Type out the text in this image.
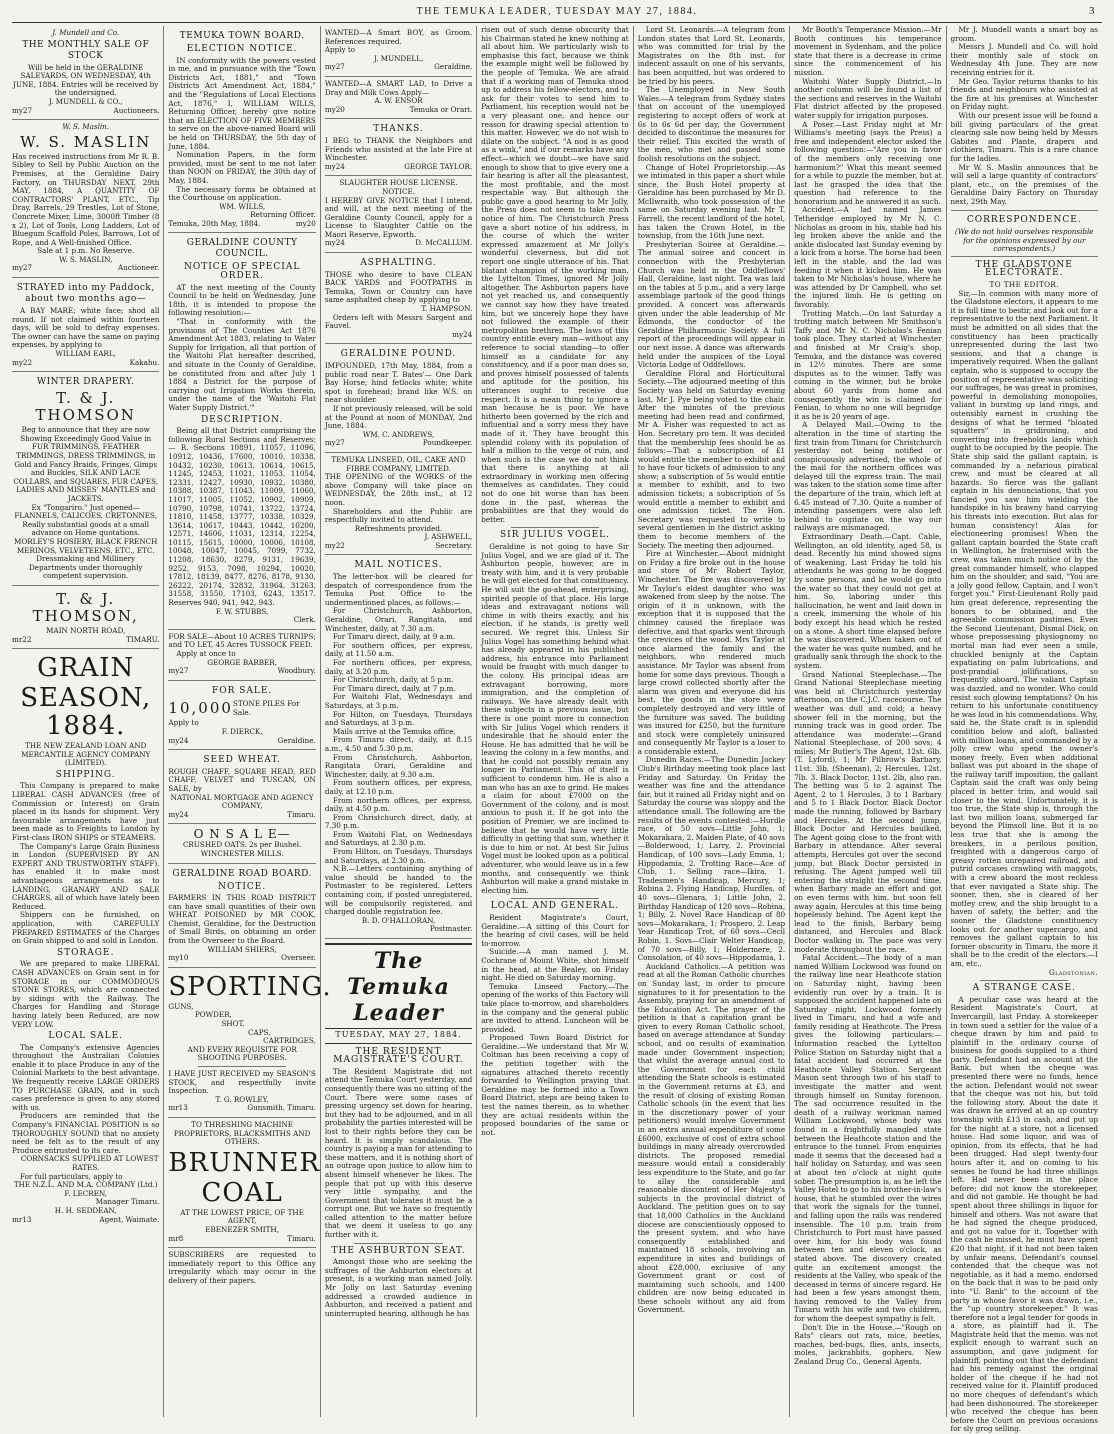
THE TEMUKA LEADER, TUESDAY MAY 27, 1884.	3
J. Mundell and Co.
THE MONTHLY SALE OF STOCK

Will be held in the GERALDINE SALEYARDS, ON WEDNESDAY, 4th JUNE, 1884. Entries will be received by the undersigned.

J. MUNDELL & CO.,
my27	Auctioneers.
W. S. Maslin.
W. S. MASLIN

Has received instructions from Mr R. B. Sibley to Sell by Public Auction on the Premises, at the Geraldine Dairy Factory, on THURSDAY NEXT, 29th MAY, 1884, A QUANTITY OF CONTRACTORS' PLANT, ETC., Tip Dray, Barrels, 29 Trestles, Lot of Stone, Concrete Mixer, Lime, 3000ft Timber (8 x 2), Lot of Tools, Long Ladders, Lot of Bluegum Scaffold Poles, Barrows, Lot of Rope, and A Well-finished Office.

Sale at 1 p.m. No Reserve.
W. S. MASLIN,
my27	Auctioneer.
STRAYED into my Paddock, about two months ago—

A BAY MARE; white face; shod all round. If not claimed within fourteen days, will be sold to defray expenses. The owner can have the same on paying expenses, by applying to

WILLIAM EARL,
my22	Kakahu.
WINTER DRAPERY.
T. & J. THOMSON

Beg to announce that they are now Showing Exceedingly Good Value in FUR TRIMMINGS, FEATHER TRIMMINGS, DRESS TRIMMINGS, in Gold and Fancy Braids, Fringes, Gimps and Buckles, SILK AND LACE COLLARS, and SQUARES, FUR CAPES, LADIES AND MISSES' MANTLES and JACKETS.

Ex "Tongariro." Just opened— FLANNELS, CALICOES, CRETONNES, Really substantial goods at a small advance on Home quotations. MORLEY'S HOSIERY, BLACK FRENCH MERINOS, VELVETEENS, ETC., ETC.

Dressmaking and Millinery Departments under thoroughly competent supervision.

T. & J. THOMSON,
MAIN NORTH ROAD,
mr22	TIMARU.
GRAIN
SEASON, 1884.

THE NEW ZEALAND LOAN AND MERCANTILE AGENCY COMPANY (LIMITED).

SHIPPING.

This Company is prepared to make LIBERAL CASH ADVANCES (free of Commission or Interest) on Grain placed in its hands for shipment. Very favourable arrangements have just been made as to Freights to London by First-class IRON SHIPS or STEAMERS.

The Company's Large Grain Business in London (SUPERVISED BY AN EXPERT AND TRUSTWORTHY STAFF), has enabled it to make most advantageous arrangements as to LANDING, GRANARY AND SALE CHARGES, all of which have lately been Reduced.

Shippers can be furnished, on application, with CAREFULLY PREPARED ESTIMATES of the Charges on Grain shipped to and sold in London.

STORAGE.

We are prepared to make LIBERAL CASH ADVANCES on Grain sent in for STORAGE in our COMMODIOUS STONE STORES, which are connected by sidings with the Railway. The Charges for Handling and Storage having lately been Reduced, are now VERY LOW.

LOCAL SALE.

The Company's extensive Agencies throughout the Australian Colonies enable it to place Produce in any of the Colonial Markets to the best advantage. We frequently receive LARGE ORDERS TO PURCHASE GRAIN, and in such cases preference is given to any stored with us.

Producers are reminded that the Company's FINANCIAL POSITION is so THOROUGHLY SOUND that no anxiety need be felt as to the result of any Produce entrusted to its care.

CORNSACKS SUPPLIED AT LOWEST RATES.

For full particulars, apply to

THE N.Z.L. AND M.A. COMPANY (Ltd.)

F. LECREN,
Manager Timaru.
H. H. SEDDEAN,
mr13	Agent, Waimate.
TEMUKA TOWN BOARD.
ELECTION NOTICE.

IN conformity with the powers vested in me, and in pursuance with the "Town Districts Act, 1881," and "Town Districts Act Amendment Act, 1884," and the "Regulations of Local Elections Act, 1876," I, WILLIAM WILLS, Returning Officer, hereby give notice that an ELECTION OF FIVE MEMBERS to serve on the above-named Board will be held on THURSDAY, the 5th day of June, 1884.

Nomination Papers, in the form provided, must be sent to me not later than NOON on FRIDAY, the 30th day of May, 1884.

The necessary forms be obtained at the Courthouse on application.

WM. WILLS,
Returning Officer.
Temuka, 20th May, 1884.	my20
GERALDINE COUNTY COUNCIL.
NOTICE OF SPECIAL ORDER.

AT the next meeting of the County Council to be held on Wednesday, June 18th, it is intended to propose the following resolution:—

"That in conformity with the provisions of The Counties Act 1876 Amendment Act 1883, relating to Water Supply for Irrigation, all that portion of the Waitohi Flat hereafter described, and situate in the County of Geraldine, be constituted from and after July 1 1884 a District for the purpose of carrying out Irrigation Works therein, under the name of the 'Waitohi Flat Water Supply District.'"

DESCRIPTION.

Being all that District comprising the following Rural Sections and Reserves:— R. Sections 10891, 11057, 11096, 10912, 10436, 17600, 10010, 10338, 10432, 10230, 10613, 10614, 10615, 11245, 12453, 11021, 11053, 11054, 12331, 12427, 10930, 10932, 10380, 10388, 10387, 11043, 11009, 11060, 11017, 11005, 11052, 10902, 10909, 10790, 10798, 10741, 13722, 13724, 11810, 11458, 13777, 10338, 10329, 13614, 10617, 10443, 10442, 10200, 12571, 14606, 11031, 12314, 12254, 10115, 15615, 10000, 10006, 10108, 10048, 10047, 10045, 7099, 7732, 11208, 18630, 8279, 9131, 19639, 9252, 9153, 7098, 10294, 10020, 17812, 18139, 8477, 8276, 8178, 9130, 26222, 20174, 32832, 31964, 31263, 31558, 31550, 17103, 6243, 13517. Reserves 940, 941, 942, 943.

F. W. STUBBS,
Clerk.

FOR SALE—About 10 ACRES TURNIPS; and TO LET, 45 Acres TUSSOCK FEED.

Apply at once to

GEORGE BARBER,
my27	Woodbury.
FOR SALE.
10,000 STONE PILES For Sale.
Apply to
F. DIERCK,
my24	Geraldine.
SEED WHEAT.

ROUGH CHAFF, SQUARE HEAD, RED CHAFF, VELVET and TUSCAN, ON SALE, by

NATIONAL MORTGAGE AND AGENCY COMPANY,
my24	Timaru.
O N S A L E—
CRUSHED OATS. 2s per Bushel.
WINCHESTER MILLS.
GERALDINE ROAD BOARD.
NOTICE.

FARMERS IN THIS ROAD DISTRICT can have small quantities of their own WHEAT POISONED by MR COOK, Chemist, Geraldine, for the Destruction of Small Birds, on obtaining an order from the Overseer to the Board.

WILLIAM SHIERS,
my10	Overseer.
SPORTING.
GUNS,
POWDER,
SHOT,
CAPS,
CARTRIDGES,
AND EVERY REQUISITE FOR SHOOTING PURPOSES.

I HAVE JUST RECEIVED my SEASON'S STOCK, and respectfully invite Inspection.

T. G. ROWLEY,
mr13	Gunsmith, Timaru.
TO THRESHING MACHINE PROPRIETORS, BLACKSMITHS AND OTHERS.
BRUNNER
COAL
AT THE LOWEST PRICE, OF THE AGENT,
EBENEZER SMITH,
mr8	Timaru.

SUBSCRIBERS are requested to immediately report to this Office any irregularity which may occur in the delivery of their papers.

WANTED—A Smart BOY, as Groom. References required.

Apply to
J. MUNDELL,
my27	Geraldine.

WANTED—A SMART LAD, to Drive a Dray and Milk Cows Apply—

A. W. ENSOR
my20	Temuka or Orari.
THANKS.

I BEG to THANK the Neighbors and Friends who assisted at the late Fire at Winchester.

my24	GEORGE TAYLOR.
SLAUGHTER HOUSE LICENSE. NOTICE.

I HEREBY GIVE NOTICE that I intend, and will, at the next meeting of the Geraldine County Council, apply for a License to Slaughter Cattle on the Maori Reserve, Epworth.

my24	D. McCALLUM.
ASPHALTING.

THOSE who desire to have CLEAN BACK YARDS and FOOTPATHS in Temuka, Town or Country can have same asphalted cheap by applying to

T. HAMPSON.

Orders left with Messrs Sargent and Fauvel.

my24
GERALDINE POUND.

IMPOUNDED, 17th May, 1884, from a public road near T. Bates'— One Dark Bay Horse; hind fetlocks white; white spot in forehead; brand like W.S. on near shoulder.

If not previously released, will be sold at the Pound at noon of MONDAY, 2nd June, 1884.

WM. C. ANDREWS,
my27	Poundkeeper.
TEMUKA LINSEED, OIL, CAKE AND FIBRE COMPANY, LIMITED.

THE OPENING of the WORKS of the above Company will take place on WEDNESDAY, the 28th inst., at 12 noon.

Shareholders and the Public are respectfully invited to attend.

Refreshments provided.
J. ASHWELL,
my22	Secretary.
MAIL NOTICES.

The letter-box will be cleared for despatch of correspondence from the Temuka Post Office to the undermentioned places, as follows:—

For Christchurch, Ashburton, Geraldine, Orari, Rangitata, and Winchester, daily, at 7.30 a.m.

For Timaru direct, daily, at 9 a.m.

For southern offices, per express, daily, at 11.50 a.m.

For northern offices, per express, daily, at 3.20 p.m.

For Christchurch, daily, at 5 p.m.

For Timaru direct, daily, at 7 p.m.

For Waitohi Flat, Wednesdays and Saturdays, at 3 p.m.

For Hilton, on Tuesdays, Thursdays and Saturdays, at 3 p.m.

Mails arrive at the Temuka office,

From Timaru direct, daily, at 8.15 a.m., 4.50 and 5.30 p.m.

From Christchurch, Ashburton, Rangitata Orari, Geraldine and Winchester, daily, at 9.30 a.m.

From southern offices, per express, daily, at 12.10 p.m.

From northern offices, per express, daily, at 4.50 p.m.

From Christchurch direct, daily, at 7.30 p.m.

From Waitohi Flat, on Wednesdays and Saturdays, at 2.30 p.m.

From Hilton, on Tuesdays, Thursdays and Saturdays, at 2.30 p.m.

N.B.—Letters containing anything of value should be handed to the Postmaster to be registered. Letters containing coin, if posted unregistered, will be compulsorily registered, and charged double registration fee.

B. D. O'HALLORAN,
Postmaster.
The Temuka Leader
TUESDAY, MAY 27, 1884.
THE RESIDENT MAGISTRATE'S COURT.

The Resident Magistrate did not attend the Temuka Court yesterday, and consequently there was no sitting of the Court. There were some cases of pressing urgency set down for hearing, but they had to be adjourned, and in all probability the parties interested will be lost to their rights before they can be heard. It is simply scandalous. The country is paying a man for attending to these matters, and it is nothing short of an outrage upon justice to allow him to absent himself whenever he likes. The people that put up with this deserve very little sympathy, and the Government that tolerates it must be a corrupt one. But we have so frequently called attention to the matter before that we deem it useless to go any further with it.

THE ASHBURTON SEAT.

Amongst those who are seeking the suffrages of the Ashburton electors at present, is a working man named Jolly. Mr Jolly on last Saturday evening addressed a crowded audience in Ashburton, and received a patient and uninterrupted hearing, although he has

risen out of such dense obscurity that his Chairman stated he knew nothing at all about him. We particularly wish to emphasise this fact, because we think the example might well be followed by the people of Temuka. We are afraid that if a working man of Temuka stood up to address his fellow-electors, and to ask for their votes to send him to Parliament, his reception would not be a very pleasant one, and hence our reason for drawing special attention to this matter. However, we do not wish to dilate on the subject. "A nod is as good as a wink," and if our remarks have any effect—which we doubt—we have said enough to show that to give every one a fair hearing is after all the pleasantest, the most profitable, and the most respectable way. But although the public gave a good hearing to Mr Jolly, the Press does not seem to take much notice of him. The Christchurch Press gave a short notice of his address, in the course of which the writer expressed amazement at Mr Jolly's wonderful cleverness, but did not report one single utterance of his. That blatant champion of the working man, the Lyttelton Times, ignored Mr Jolly altogether. The Ashburton papers have not yet reached us, and consequently we cannot say how they have treated him, but we sincerely hope they have not followed the example of their metropolitan brethren. The laws of this country entitle every man—without any reference to social standing—to offer himself as a candidate for any constituency, and if a poor man does so, and proves himself possessed of talents and aptitude for the position, his utterances ought to receive due respect. It is a mean thing to ignore a man because he is poor. We have hitherto been governed by the rich and influential and a sorry mess they have made of it. They have brought this splendid colony with its population of half a million to the verge of ruin, and when such is the case we do not think that there is anything at all extraordinary in working men offering themselves as candidates. They could not do one bit worse than has been done in the past, whereas the probabilities are that they would do better.

SIR JULIUS VOGEL.

Geraldine is not going to have Sir Julius Vogel, and we are glad of it. The Ashburton people, however, are in treaty with him, and it is very probable he will get elected for that constituency. He will suit the go-ahead, enterprising, spirited people of that place. His large ideas and extravagant notions will chime in with theirs exactly, and his election, if he stands, is pretty well secured. We regret this. Unless Sir Julius Vogel has something behind what has already appeared in his published address, his entrance into Parliament would be fraught with much danger to the colony. His principal ideas are extravagant borrowing, more immigration, and the completion of railways. We have already dealt with these subjects in a previous issue, but there is one point more in connection with Sir Julius Vogel which renders it undesirable that he should enter the House. He has admitted that he will be leaving the colony in a few months, and that he could not possibly remain any longer in Parliament. This of itself is sufficient to condemn him. He is also a man who has an axe to grind. He makes a claim for about £7000 on the Government of the colony, and is most anxious to push it. If he got into the position of Premier, we are inclined to believe that he would have very little difficulty in getting that sum, whether it is due to him or not. At best Sir Julius Vogel must be looked upon as a political adventurer, who would leave us in a few months, and consequently we think Ashburton will make a grand mistake in electing him.

LOCAL AND GENERAL.

Resident Magistrate's Court, Geraldine.—A sitting of this Court for the hearing of civil cases, will be held to-morrow.

Suicide.—A man named J. M. Cochrane of Mount White, shot himself in the head, at the Bealey, on Friday night. He died on Saturday morning.

Temuka Linseed Factory.—The opening of the works of this Factory will take place to-morrow, and shareholders in the company and the general public are invited to attend. Luncheon will be provided.

Proposed Town Board District for Geraldine.—We understand that Mr W. Coltman has been receiving a copy of the petition together with the signatures attached thereto recently forwarded to Wellington praying that Geraldine may be formed into a Town Board District, steps are being taken to test the names therein, as to whether they are actual residents within the proposed boundaries of the same or not.

Lord St. Leonards.—A telegram from London states that Lord St. Leonards, who was committed for trial by the Magistrates on the 8th inst. for indecent assault on one of his servants, has been acquitted, but was ordered to be tried by his peers.

The Unemployed in New South Wales.—A telegram from Sydney states that on account of the unemployed registering to accept offers of work at 6s to 6s 6d per day, the Government decided to discontinue the measures for their relief. This excited the wrath of the men, who met and passed some foolish resolutions on the subject.

Change of Hotel Proprietorship.—As we intimated in this paper a short while since, the Bush Hotel property at Geraldine has been purchased by Mr D. McIlwraith, who took possession of the same on Saturday evening last. Mr T. Farrell, the recent landlord of the hotel, has taken the Crown Hotel, in the township, from the 16th June next.

Presbyterian Soiree at Geraldine.—The annual soiree and concert in connection with the Presbyterian Church was held in the Oddfellows' Hall, Geraldine, last night. Tea was laid on the tables at 5 p.m., and a very large assemblage partook of the good things provided. A concert was afterwards given under the able leadership of Mr Edmonds, the conductor of the Geraldine Philharmonic Society. A full report of the proceedings will appear in our next issue. A dance was afterwards held under the auspices of the Loyal Victoria Lodge of Oddfellows.

Geraldine Floral and Horticultural Society.—The adjourned meeting of this Society was held on Saturday evening last, Mr J. Pye being voted to the chair. After the minutes of the previous meeting had been read and confirmed, Mr A. Fisher was requested to act as Hon. Secretary pro tem. It was decided that the membership fees should be as follows:—That a subscription of £1 would entitle the member to exhibit and to have four tickets of admission to any show; a subscription of 5s would entitle a member to exhibit, and to two admission tickets; a subscription of 5s would entitle a member to exhibit and one admission ticket. The Hon. Secretary was requested to write to several gentlemen in the district asking them to become members of the Society. The meeting then adjourned.

Fire at Winchester.—About midnight on Friday a fire broke out in the house and store of Mr Robert Taylor, Winchester. The fire was discovered by Mr Taylor's eldest daughter who was awakened from sleep by the noise. The origin of it is unknown, with the exception that it is supposed that the chimney caused the fireplace was defective, and that sparks went through the crevices of the wood. Mrs Taylor at once alarmed the family and the neighbors, who rendered much assistance. Mr Taylor was absent from home for some days previous. Though a large crowd collected shortly after the alarm was given and everyone did his best, the goods in the store were completely destroyed and very little of the furniture was saved. The building was insured for £250, but the furniture and stock were completely uninsured and consequently Mr Taylor is a loser to a considerable extent.

Dunedin Races.—The Dunedin Jockey Club's Birthday meeting took place last Friday and Saturday. On Friday the weather was fine and the attendance fair, but it rained all Friday night and on Saturday the course was sloppy and the attendance small. The following are the results of the events contested:—Hurdle race, of 50 sovs—Little John, 1; Mokarakara, 2. Maiden Plate, of 40 sovs—Bolderwood, 1; Larry, 2. Provincial Handicap, of 100 sovs—Lady Emma, 1; Hippodamia, 2. Trotting Race—Ace of Club, 1. Selling race—Ikira, 1. Tradesmen's Handicap, Mercury, 1; Robina 2. Flying Handicap, Hurdles, of 40 sovs—Glenara, 1; Little John, 2. Birthday Handicap of 120 sovs—Robina, 1; Billy, 2. Novel Race Handicap of 80 sovs—Mokarakara, 1; Prospero, 2. Leap Year Handicap Trot, of 60 sovs—Cecil Robin, 1. Sovs—Clair Welter Handicap, of 70 sovs—Billy, 1; Holdermere, 2. Consolation, of 40 sovs—Hippodamia, 1.

Auckland Catholics.—A petition was read at all the Roman Catholic churches on Sunday last, in order to procure signatures to it for presentation to the Assembly, praying for an amendment of the Education Act. The prayer of the petition is that a capitation grant be given to every Roman Catholic school, based on average attendance at Sunday school, and on results of examination made under Government inspection; that whilst the average annual cost to the Government for each child attending the State schools is estimated in the Government returns at £3, and the result of closing of existing Roman Catholic schools (in the event that lies in the discretionary power of your petitioners) would involve Government in an extra annual expenditure of some £6000, exclusive of cost of extra school buildings in many already overcrowded districts. The proposed remedial measure would entail a considerably less expenditure to the State, and go far to allay the considerable and reasonable discontent of Her Majesty's subjects in the provincial district of Auckland. The petition goes on to say that 18,000 Catholics in the Auckland diocese are conscientiously opposed to the present system, and who have consequently established and maintained 18 schools, involving an expenditure in sites and buildings of about £28,000, exclusive of any Government grant or cost of maintaining such schools, and 1400 children are now being educated in these schools without any aid from Government.

Mr Booth's Temperance Mission.—Mr Booth continues his temperance movement in Sydenham, and the police state that there is a decrease in crime since the commencement of his mission.

Waitohi Water Supply District.—In another column will be found a list of the sections and reserves in the Waitohi Flat district affected by the proposed water supply for irrigation purposes.

A Poser.—Last Friday night at Mr Williams's meeting (says the Press) a free and independent elector asked the following question:—"Are you in favor of the members only receiving one harmonium?" What this meant seemed for a while to puzzle the member, but at last he grasped the idea that the question had reference to the honorarium and he answered it as such.

Accident.—A lad named James Tetheridge employed by Mr N. C. Nicholas as groom in his, stable had his leg broken above the ankle and the ankle dislocated last Sunday evening by a kick from a horse. The horse had been left in the stable, and the lad was feeding it when it kicked him. He was taken to Mr Nicholas's house, where he was attended by Dr Campbell, who set the injured limb. He is getting on favorably.

Trotting Match.—On last Saturday a trotting match between Mr Smithson's Taffy and Mr N. C. Nicholas's Fenian took place. They started at Winchester and finished at Mr Craig's shop, Temuka, and the distance was covered in 12½ minutes. There are some disputes as to the winner. Taffy was coming in the winner, but he broke about 60 yards from home and consequently the win is claimed for Fenian, to whom no one will begrudge it as he is 20 years of age.

A Delayed Mail.—Owing to the alteration in the time of starting the first train from Timaru for Christchurch yesterday not being notified or conspicuously advertised, the whole of the mail for the northern offices was delayed till the express train. The mail was taken to the station some time after the departure of the train, which left at 6.45 instead of 7.30. Quite a number of intending passengers were also left behind to cogitate on the way our railways are mismanaged.

Extraordinary Death.—Capt. Cable, Wellington, an old identity, aged 58, is dead. Recently his mind showed signs of weakening. Last Friday he told his attendants he was going to be dogged by some persons, and he would go into the water so that they could not get at him. So, laboring under this hallucination, he went and laid down in a creek, immersing the whole of his body except his head which he rested on a stone. A short time elapsed before he was discovered. When taken out of the water he was quite numbed, and he gradually sank through the shock to the system.

Grand National Steeplechase.—The Grand National Steeplechase meeting was held at Christchurch yesterday afternoon, on the C.J.C. racecourse. The weather was dull and cold; a heavy shower fell in the morning, but the running track was in good order. The attendance was moderate:—Grand National Steeplechase, of 200 sovs; 4 miles; Mr Butler's The Agent, 12st. 6lb. (T. Lyford), 1; Mr Pilbrow's Barbary, 11st. 3lb. (Sheenan), 2; Hercules, 12st. 7lb. 3. Black Doctor, 11st. 2lb, also ran. The betting was 5 to 2 against The Agent, 2 to 1 Hercules, 3 to 1 Barbary and 5 to 1 Black Doctor. Black Doctor made the running, followed by Barbary and Hercules. At the second jump, Black Doctor and Hercules baulked, The Agent going close to the front with Barbary in attendance. After several attempts, Hercules got over the second jump, but Black Doctor persisted in refusing. The Agent jumped well till entering the straight the second time, when Barbary made an effort and got on even terms with him, but soon fell away again, Hercules at this time being hopelessly behind. The Agent kept the lead to the finish, Barbary being distanced, and Hercules and Black Doctor walking in. The pace was very moderate throughout the race.

Fatal Accident.—The body of a man named William Lockwood was found on the railway line near Heathcote station on Saturday night, having been evidently run over by a train. It is supposed the accident happened late on Saturday night. Lockwood formerly lived in Timaru, and had a wife and family residing at Heathcote. The Press gives the following particulars:—Information reached the Lyttelton Police Station on Saturday night that a fatal accident had occurred at the Heathcote Valley Station. Sergeant Mason sent through two of his staff to investigate the matter and went through himself on Sunday forenoon. The sad occurrence resulted in the death of a railway workman named William Lockwood, whose body was found in a frightfully mangled state between the Heathcote station and the entrance to the tunnel. From enquiries made it seems that the deceased had a half holiday on Saturday, and was seen at about ten o'clock at night quite sober. The presumption is, as he left the Valley Hotel to go to his brother-in-law's house, that he stumbled over the wires that work the signals for the tunnel, and falling upon the rails was rendered insensible. The 10 p.m. train from Christchurch to Port must have passed over him, for his body was found between ten and eleven o'clock, as stated above. The discovery created quite an excitement amongst the residents at the Valley, who speak of the deceased in terms of sincere regard. He had been a few years amongst them, having removed to the Valley from Timaru with his wife and two children, for whom the deepest sympathy is felt.

Don't Die in the House.—"Rough on Rats" clears out rats, mice, beetles, roaches, bed-bugs, flies, ants, insects, moles, jackrabbits, gophers. New Zealand Drug Co., General Agents.

Mr J. Mundell wants a smart boy as groom.

Messrs J. Mundell and Co. will hold their monthly sale of stock on Wednesday 4th June. They are now receiving entries for it.

Mr Geo. Taylor returns thanks to his friends and neighbours who assisted at the fire at his premises at Winchester on Friday night.

With our present issue will be found a bill giving particulars of the great clearing sale now being held by Messrs Gabites and Plante, drapers and clothiers, Timaru. This is a rare chance for the ladies.

Mr W. S. Maslin announces that he will sell a large quantity of contractors' plant, etc., on the premises of the Geraldine Dairy Factory on Thursday next, 29th May.

CORRESPONDENCE.
(We do not hold ourselves responsible for the opinions expressed by our correspondents.)
THE GLADSTONE ELECTORATE.
TO THE EDITOR.

Sir,—In common with many more of the Gladstone electors, it appears to me it is full time to bestir, and look out for a representative to the next Parliament. It must be admitted on all sides that the constituency has been practically unrepresented during the last two sessions, and that a change is imperatively required. When the gallant captain, who is supposed to occupy the position of representative was soliciting our suffrages, he was great in promises, powerful in demolishing monopolies, valiant in bursting up land rings, and ostensibly earnest in crushing the designs of what he termed "bloated squatters" in gridironing, and converting into freeholds lands which ought to be occupied by the people. The State ship said the gallant captain, is commanded by a nefarious piratical crew, and must be cleared at all hazards. So fierce was the gallant captain in his denunciations, that you fancied you saw him wielding the handspike in his brawny hand carrying his threats into execution. But alas for human consistency! Alas for electioneering promises! When the gallant captain boarded the State craft in Wellington, he fraternised with the crew, was taken much notice of by the great commander himself, who clapped him on the shoulder, and said, "You are a jolly good fellow, Captain, and I won't forget you." First-Lieutenant Rolly paid him great deference, representing the honors to be obtained, and the agreeable commission pastimes. Even the Second Lieutenant, Dismal Dick, on whose prepossessing physiognomy no mortal man had ever seen a smile, chuckled benignly at the Captain expatiating on palm lubrications, and post-prandial jollifications, so frequently aboard. The valiant Captain was dazzled, and no wonder. Who could resist such glowing temptations? On his return to his unfortunate constituency he was loud in his commendations. Why, said he, the State craft is in splendid condition below and aloft, ballasted with million loans, and commanded by a jolly crew who spend the owner's money freely. Even when additional ballast was put aboard in the shape of the railway tariff imposition, the gallant Captain said the craft was only being placed in better trim, and would sail closer to the wind. Unfortunately, it is too true, the State ship is, through the last two million loans, submerged far beyond the Plimsoll line. But it is no less true that she is among the breakers, in a perilous position, freighted with a dangerous cargo of greasy rotten unrepaired railroad, and putrid carcases crawling with maggots, with a crew aboard the most reckless that ever navigated a State ship. The sooner, then, she is cleared of her motley crew, and the ship brought to a haven of safety, the better; and the sooner the Gladstone constituency looks out for another supercargo, and removes the gallant captain to his former obscurity in Timaru, the more it shall be to the credit of the electors.—I am, etc.,

Gladstonian.
A STRANGE CASE.

A peculiar case was heard at the Resident Magistrate's Court, at Invercargill, last Friday. A storekeeper in town sued a settler for the value of a cheque drawn by him and paid to plaintiff in the ordinary course of business for goods supplied to a third party. Defendant had an account at the Bank, but when the cheque was presented there were no funds, hence the action. Defendant would not swear that the cheque was not his, but told the following story. About the date it was drawn he arrived at an up country township with £13 in cash, and put up for the night at a store, not a licensed house. Had some liquor, and was of opinion, from its effects, that he had been drugged. Had slept twenty-four hours after it, and on coming to his senses he found he had three shillings left. Had never been in the place before; did not know the storekeeper, and did not gamble. He thought he had spent about three shillings in liquor for himself and others. Was not aware that he had signed the cheque produced, and got no value for it. Together with the cash he missed, he must have spent £20 that night, if it had not been taken by unfair means. Defendant's counsel contended that the cheque was not negotiable, as it had a memo. endorsed on the back that it was to be paid only into "U. Bank" to the account of the party in whose favor it was drawn, i.e., the "up country storekeeper." It was therefore not a legal tender for goods in a store, as plaintiff had it. The Magistrate held that the memo. was not explicit enough to warrant such an assumption, and gave judgment for plaintiff, pointing out that the defendant had his remedy against the original holder of the cheque if he had not received value for it. Plaintiff produced no more cheques of defendant's which had been dishonoured. The storekeeper who received the cheque has been before the Court on previous occasions for sly grog selling.
